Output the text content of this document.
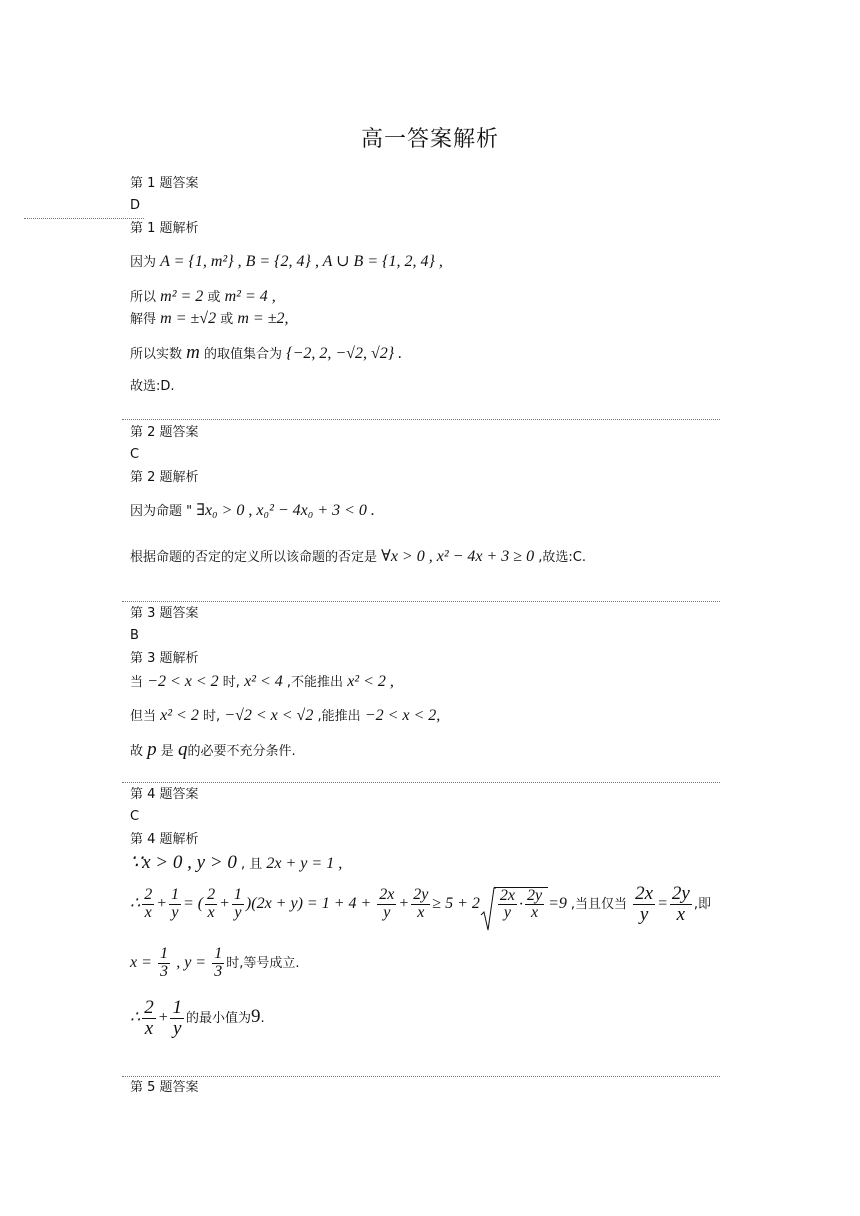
高一答案解析
第 1 题答案
D
第 1 题解析
因为 A = {1, m²} , B = {2, 4} , A ∪ B = {1, 2, 4} ,
所以 m² = 2 或 m² = 4 ,
解得 m = ±√2 或 m = ±2,
所以实数 m 的取值集合为 {−2, 2, −√2, √2} .
故选:D.
第 2 题答案
C
第 2 题解析
因为命题 " ∃x₀ > 0 , x₀² − 4x₀ + 3 < 0 .
根据命题的否定的定义所以该命题的否定是 ∀x > 0 , x² − 4x + 3 ≥ 0 ,故选:C.
第 3 题答案
B
第 3 题解析
当 −2 < x < 2 时, x² < 4 ,不能推出 x² < 2 ,
但当 x² < 2 时, −√2 < x < √2 ,能推出 −2 < x < 2,
故 p 是 q的必要不充分条件.
第 4 题答案
C
第 4 题解析
∵x > 0 , y > 0 , 且 2x + y = 1 ,
∴ $\frac{2}{x} + \frac{1}{y}$ = ( $\frac{2}{x} + \frac{1}{y} )(2x + y) = 1 + 4 + \frac{2x}{y} + \frac{2y}{x} \ge 5 + 2 \frac{2x}{y} \cdot \frac{2y}{x} =9$ ,当且仅当 $\frac{2x}{y} = \frac{2y}{x}$ ,即
$x = \frac{1}{3}$ , $y = \frac{1}{3}$ 时,等号成立.
∴ $\frac{2}{x} + \frac{1}{y}$ 的最小值为9.
第 5 题答案
